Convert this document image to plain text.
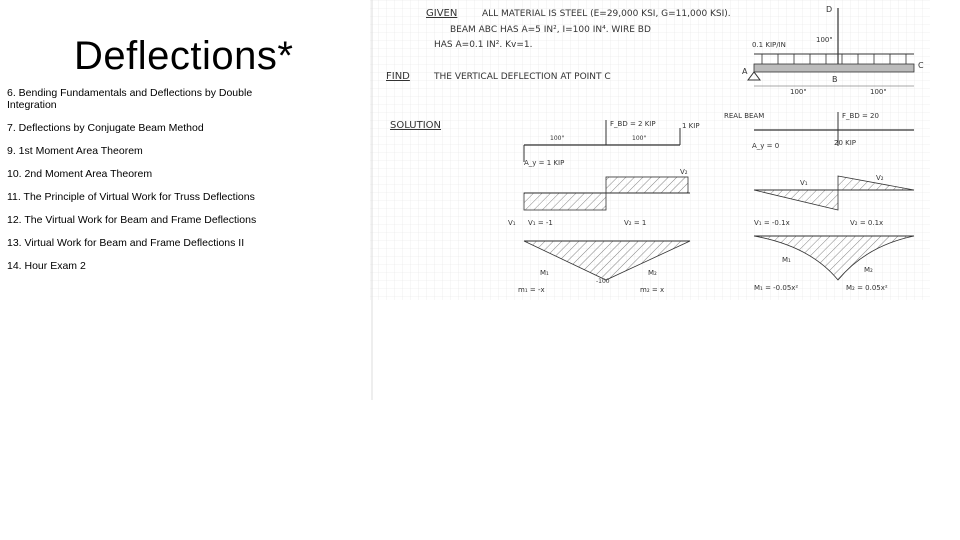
Deflections*
6. Bending Fundamentals and Deflections by Double Integration
7. Deflections by Conjugate Beam Method
9. 1st Moment Area Theorem
10. 2nd Moment Area Theorem
11. The Principle of Virtual Work for Truss Deflections
12. The Virtual Work for Beam and Frame Deflections
13. Virtual Work for Beam and Frame Deflections II
14. Hour Exam 2
GIVEN	ALL MATERIAL IS STEEL (E=29,000 KSI, G=11,000 KSI).
BEAM ABC HAS A=5 IN², I=100 IN⁴. WIRE BD
HAS A=0.1 IN². Kv=1.
FIND	THE VERTICAL DEFLECTION AT POINT C
SOLUTION
D
100"
0.1 KIP/IN
A
B
C
100"	100"
F_BD = 2 KIP	1 KIP
A_y = 1 KIP
100"	100"
V₂
V₁ V₁ = -1	V₂ = 1
M₁	M₂
-100
m₁ = -x	m₂ = x
REAL BEAM	F_BD = 20
A_y = 0	20 KIP
V₁
V₂
V₁ = -0.1x	V₂ = 0.1x
M₁
M₂
M₁ = -0.05x²	M₂ = 0.05x²
